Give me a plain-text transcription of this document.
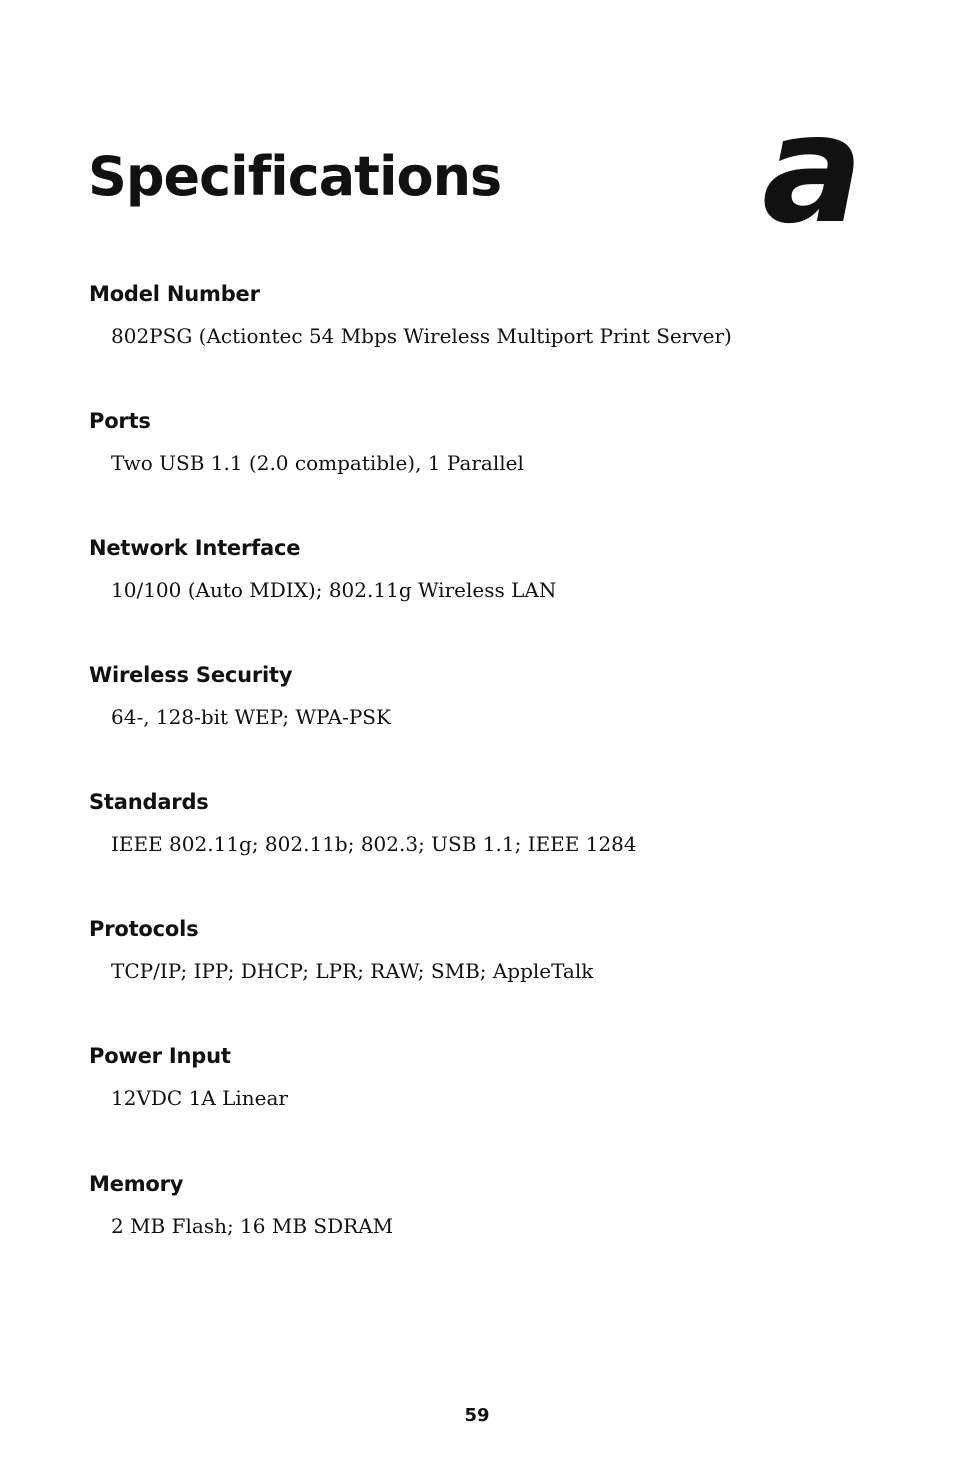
Specifications a
Model Number

802PSG (Actiontec 54 Mbps Wireless Multiport Print Server)

Ports

Two USB 1.1 (2.0 compatible), 1 Parallel

Network Interface

10/100 (Auto MDIX); 802.11g Wireless LAN

Wireless Security

64-, 128-bit WEP; WPA-PSK

Standards

IEEE 802.11g; 802.11b; 802.3; USB 1.1; IEEE 1284

Protocols

TCP/IP; IPP; DHCP; LPR; RAW; SMB; AppleTalk

Power Input

12VDC 1A Linear

Memory

2 MB Flash; 16 MB SDRAM

59
